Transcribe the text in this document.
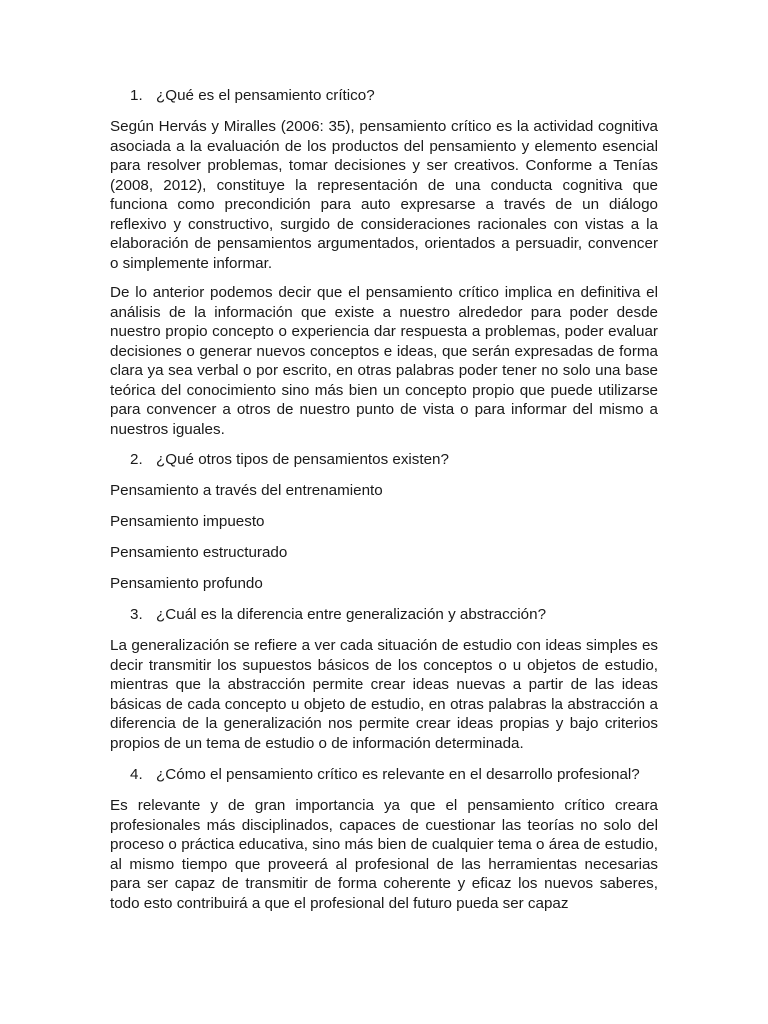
1. ¿Qué es el pensamiento crítico?
Según Hervás y Miralles (2006: 35), pensamiento crítico es la actividad cognitiva asociada a la evaluación de los productos del pensamiento y elemento esencial para resolver problemas, tomar decisiones y ser creativos. Conforme a Tenías (2008, 2012), constituye la representación de una conducta cognitiva que funciona como precondición para auto expresarse a través de un diálogo reflexivo y constructivo, surgido de consideraciones racionales con vistas a la elaboración de pensamientos argumentados, orientados a persuadir, convencer o simplemente informar.
De lo anterior podemos decir que el pensamiento crítico implica en definitiva el análisis de la información que existe a nuestro alrededor para poder desde nuestro propio concepto o experiencia dar respuesta a problemas, poder evaluar decisiones o generar nuevos conceptos e ideas, que serán expresadas de forma clara ya sea verbal o por escrito, en otras palabras poder tener no solo una base teórica del conocimiento sino más bien un concepto propio que puede utilizarse para convencer a otros de nuestro punto de vista o para informar del mismo a nuestros iguales.
2. ¿Qué otros tipos de pensamientos existen?
Pensamiento a través del entrenamiento
Pensamiento impuesto
Pensamiento estructurado
Pensamiento profundo
3. ¿Cuál es la diferencia entre generalización y abstracción?
La generalización se refiere a ver cada situación de estudio con ideas simples es decir transmitir los supuestos básicos de los conceptos o u objetos de estudio, mientras que la abstracción permite crear ideas nuevas a partir de las ideas básicas de cada concepto u objeto de estudio, en otras palabras la abstracción a diferencia de la generalización nos permite crear ideas propias y bajo criterios propios de un tema de estudio o de información determinada.
4. ¿Cómo el pensamiento crítico es relevante en el desarrollo profesional?
Es relevante y de gran importancia ya que el pensamiento crítico creara profesionales más disciplinados, capaces de cuestionar las teorías no solo del proceso o práctica educativa, sino más bien de cualquier tema o área de estudio, al mismo tiempo que proveerá al profesional de las herramientas necesarias para ser capaz de transmitir de forma coherente y eficaz los nuevos saberes, todo esto contribuirá a que el profesional del futuro pueda ser capaz
